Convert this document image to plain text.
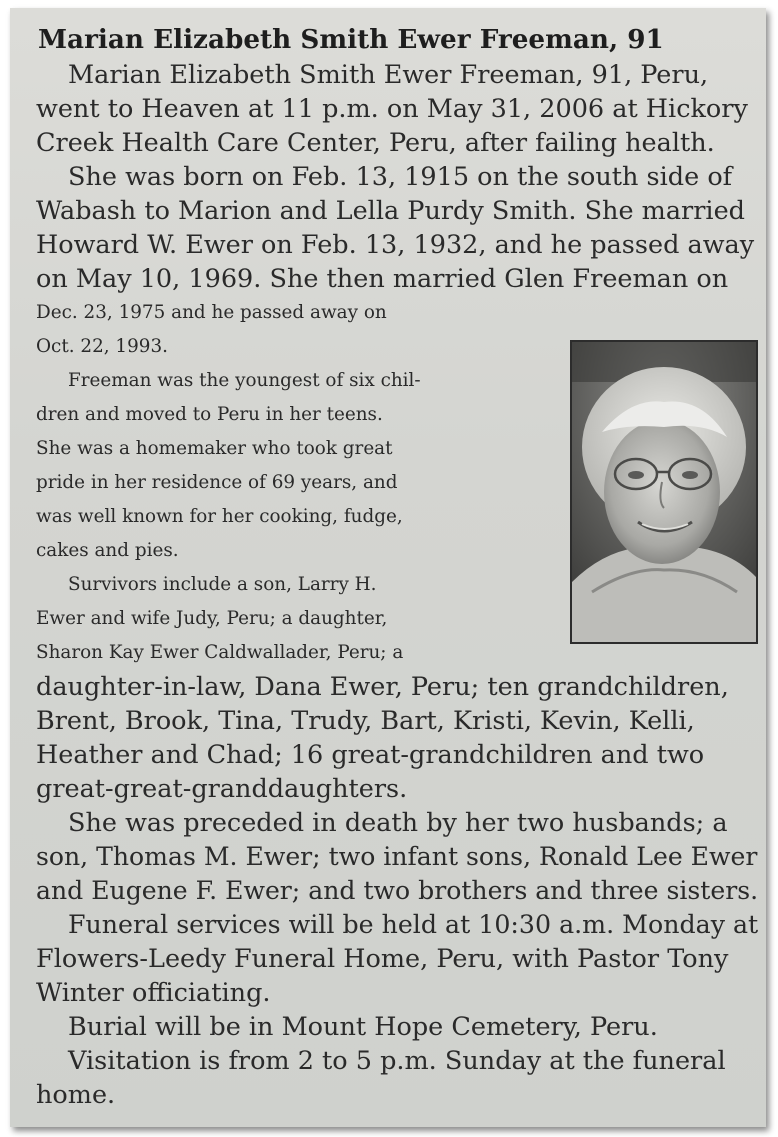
Marian Elizabeth Smith Ewer Freeman, 91
Marian Elizabeth Smith Ewer Freeman, 91, Peru,
went to Heaven at 11 p.m. on May 31, 2006 at Hickory
Creek Health Care Center, Peru, after failing health.
She was born on Feb. 13, 1915 on the south side of
Wabash to Marion and Lella Purdy Smith. She married
Howard W. Ewer on Feb. 13, 1932, and he passed away
on May 10, 1969. She then married Glen Freeman on
Dec. 23, 1975 and he passed away on
Oct. 22, 1993.
Freeman was the youngest of six chil-
dren and moved to Peru in her teens.
She was a homemaker who took great
pride in her residence of 69 years, and
was well known for her cooking, fudge,
cakes and pies.
Survivors include a son, Larry H.
Ewer and wife Judy, Peru; a daughter,
Sharon Kay Ewer Caldwallader, Peru; a
daughter-in-law, Dana Ewer, Peru; ten grandchildren,
Brent, Brook, Tina, Trudy, Bart, Kristi, Kevin, Kelli,
Heather and Chad; 16 great-grandchildren and two
great-great-granddaughters.
She was preceded in death by her two husbands; a
son, Thomas M. Ewer; two infant sons, Ronald Lee Ewer
and Eugene F. Ewer; and two brothers and three sisters.
Funeral services will be held at 10:30 a.m. Monday at
Flowers-Leedy Funeral Home, Peru, with Pastor Tony
Winter officiating.
Burial will be in Mount Hope Cemetery, Peru.
Visitation is from 2 to 5 p.m. Sunday at the funeral
home.
